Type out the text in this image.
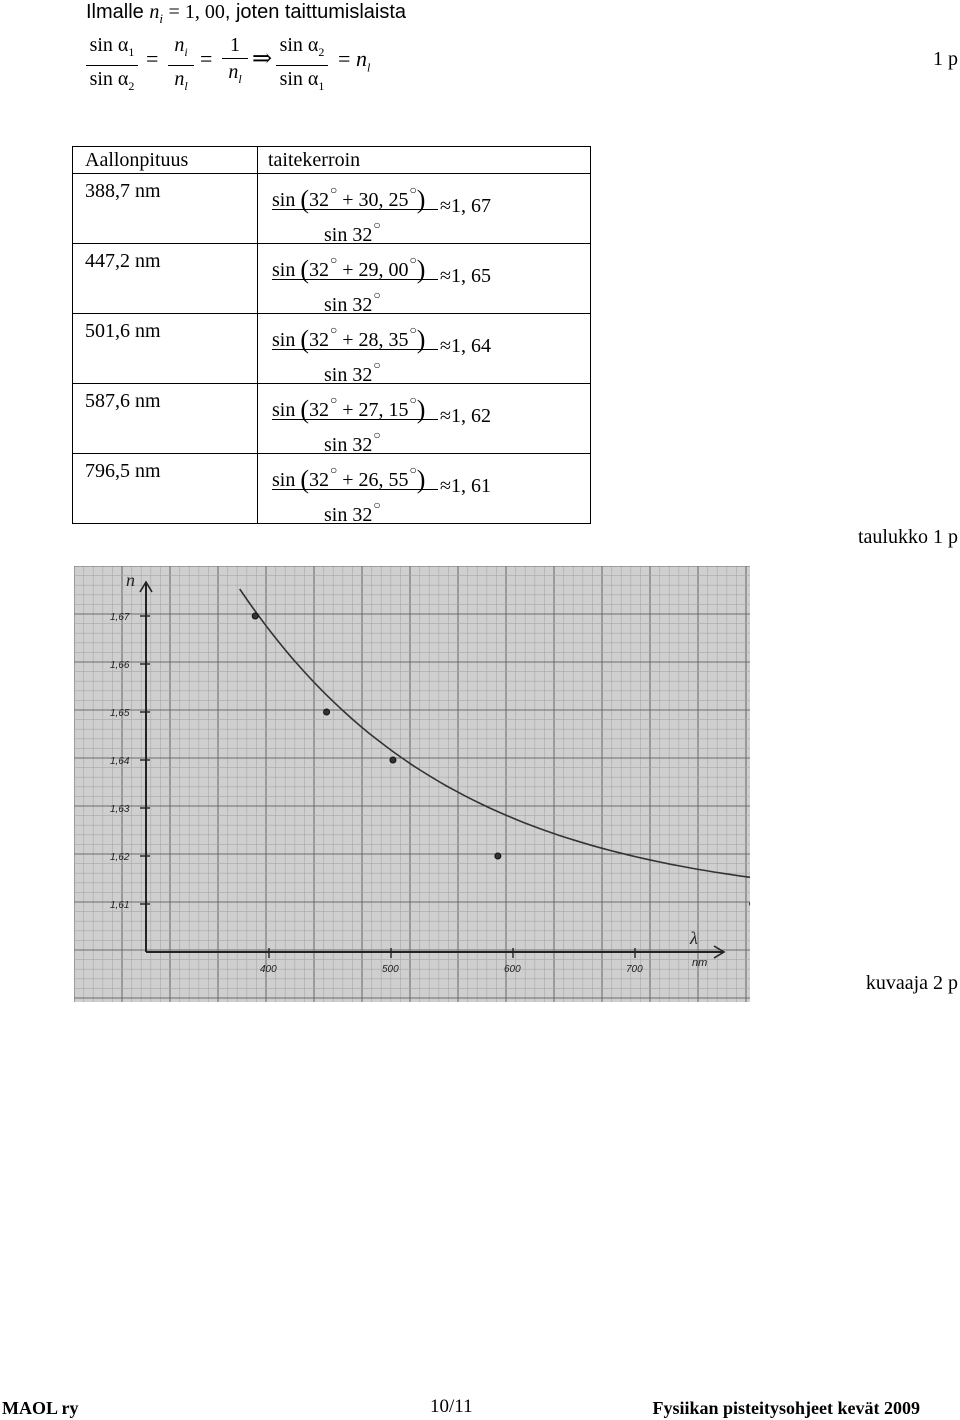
Ilmalle $n_i = 1$, 00, joten taittumislaista
$\sin \alpha_1$
$\sin \alpha_2$
=
$n_i$
$n_l$
=
1
$n_l$
⇒
$\sin \alpha_2$
$\sin \alpha_1$
= $n_l$	1 p
Aallonpituus	taitekerroin

388,7 nm	sin (32○ + 30, 25○)
sin 32○
≈1, 67

447,2 nm	sin (32○ + 29, 00○)
sin 32○
≈1, 65

501,6 nm	sin (32○ + 28, 35○)
sin 32○
≈1, 64

587,6 nm	sin (32○ + 27, 15○)
sin 32○
≈1, 62

796,5 nm	sin (32○ + 26, 55○)
sin 32○
≈1, 61
taulukko 1 p
n
λ
nm
1,67
1,66
1,65
1,64
1,63
1,62
1,61
400	500	600	700
kuvaaja 2 p
MAOL ry	10/11	Fysiikan pisteitysohjeet kevät 2009
